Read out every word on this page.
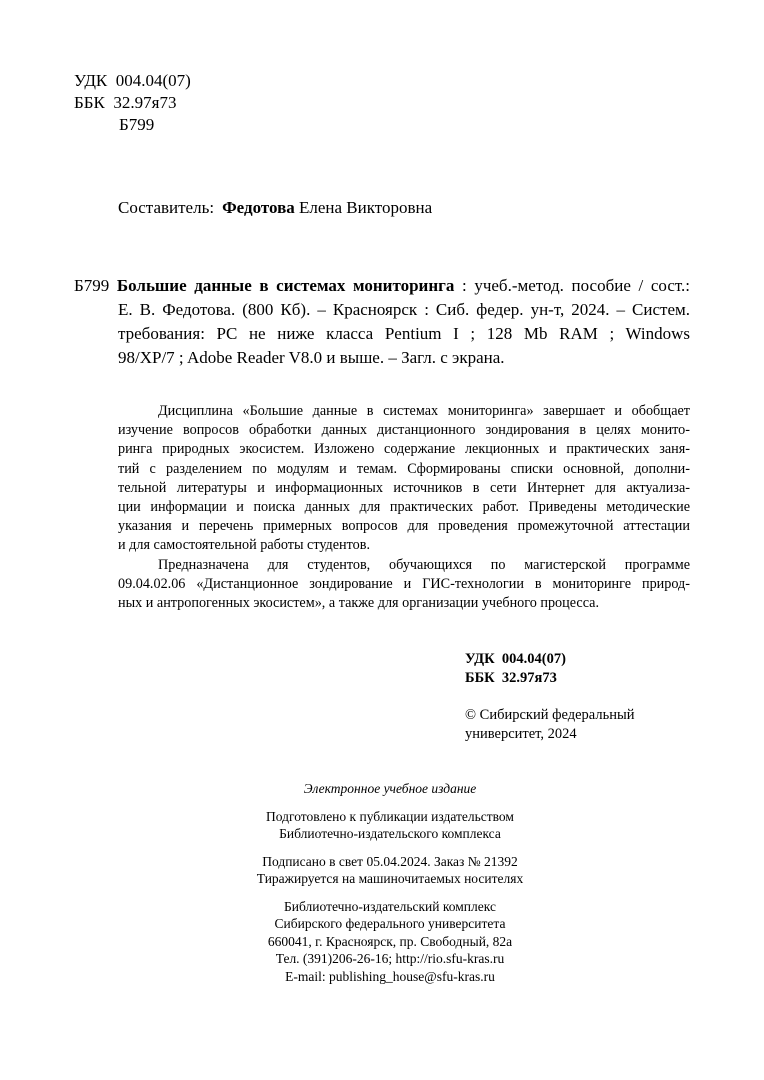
УДК 004.04(07)
ББК 32.97я73
Б799
Составитель: Федотова Елена Викторовна
Б799 Большие данные в системах мониторинга : учеб.-метод. пособие / сост.:
Е. В. Федотова. (800 Кб). – Красноярск : Сиб. федер. ун-т, 2024. – Систем.
требования: PC не ниже класса Pentium I ; 128 Mb RAM ; Windows
98/XP/7 ; Adobe Reader V8.0 и выше. – Загл. с экрана.
Дисциплина «Большие данные в системах мониторинга» завершает и обобщает
изучение вопросов обработки данных дистанционного зондирования в целях монито-
ринга природных экосистем. Изложено содержание лекционных и практических заня-
тий с разделением по модулям и темам. Сформированы списки основной, дополни-
тельной литературы и информационных источников в сети Интернет для актуализа-
ции информации и поиска данных для практических работ. Приведены методические
указания и перечень примерных вопросов для проведения промежуточной аттестации
и для самостоятельной работы студентов.
Предназначена для студентов, обучающихся по магистерской программе
09.04.02.06 «Дистанционное зондирование и ГИС-технологии в мониторинге природ-
ных и антропогенных экосистем», а также для организации учебного процесса.
УДК  004.04(07)
ББК  32.97я73
© Сибирский федеральный
университет, 2024
Электронное учебное издание
Подготовлено к публикации издательством
Библиотечно-издательского комплекса
Подписано в свет 05.04.2024. Заказ № 21392
Тиражируется на машиночитаемых носителях
Библиотечно-издательский комплекс
Сибирского федерального университета
660041, г. Красноярск, пр. Свободный, 82а
Тел. (391)206-26-16; http://rio.sfu-kras.ru
E-mail: publishing_house@sfu-kras.ru
